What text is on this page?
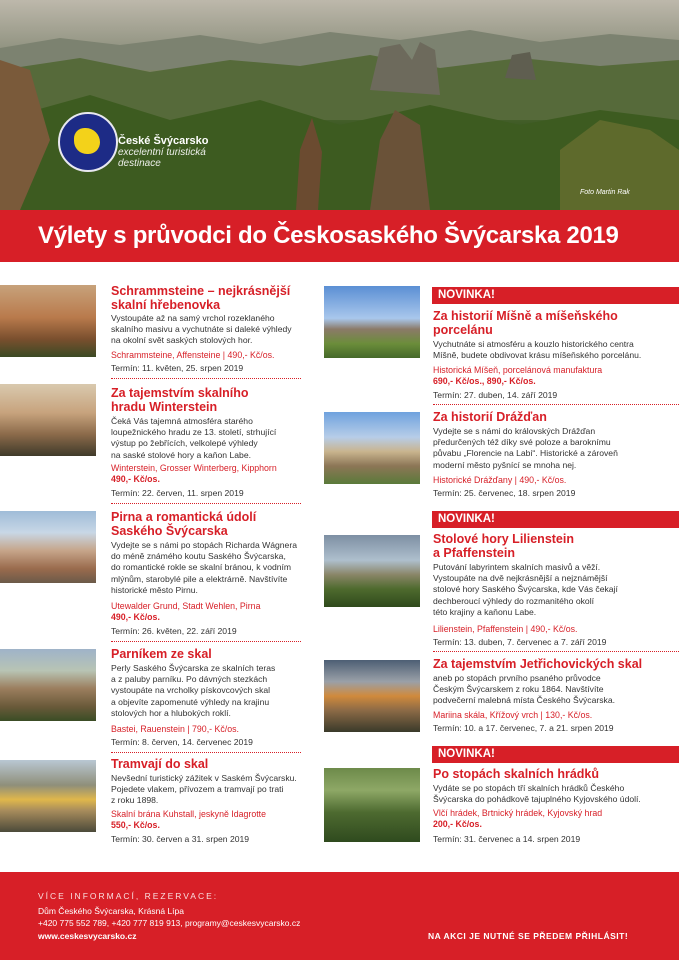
České Švýcarsko
excelentní turistická
destinace
Foto Martin Rak
Výlety s průvodci do Českosaského Švýcarska 2019
Schrammsteine – nejkrásnější
skalní hřebenovka
Vystoupáte až na samý vrchol rozeklaného
skalního masivu a vychutnáte si daleké výhledy
na okolní svět saských stolových hor.
Schrammsteine, Affensteine | 490,- Kč/os.
Termín: 11. květen, 25. srpen 2019
Za tajemstvím skalního
hradu Winterstein
Čeká Vás tajemná atmosféra starého
loupežnického hradu ze 13. století, strhující
výstup po žebřících, velkolepé výhledy
na saské stolové hory a kaňon Labe.
Winterstein, Grosser Winterberg, Kipphorn
490,- Kč/os.
Termín: 22. červen, 11. srpen 2019
Pirna a romantická údolí
Saského Švýcarska
Vydejte se s námi po stopách Richarda Wágnera
do méně známého koutu Saského Švýcarska,
do romantické rokle se skalní bránou, k vodním
mlýnům, starobylé pile a elektrárně. Navštívíte
historické město Pirnu.
Utewalder Grund, Stadt Wehlen, Pirna
490,- Kč/os.
Termín: 26. květen, 22. září 2019
Parníkem ze skal
Perly Saského Švýcarska ze skalních teras
a z paluby parníku. Po dávných stezkách
vystoupáte na vrcholky pískovcových skal
a objevíte zapomenuté výhledy na krajinu
stolových hor a hlubokých roklí.
Bastei, Rauenstein | 790,- Kč/os.
Termín: 8. červen, 14. červenec 2019
Tramvají do skal
Nevšední turistický zážitek v Saském Švýcarsku.
Pojedete vlakem, přívozem a tramvají po trati
z roku 1898.
Skalní brána Kuhstall, jeskyně Idagrotte
550,- Kč/os.
Termín: 30. červen a 31. srpen 2019
NOVINKA!
Za historií Míšně a míšeňského
porcelánu
Vychutnáte si atmosféru a kouzlo historického centra
Míšně, budete obdivovat krásu míšeňského porcelánu.
Historická Míšeň, porcelánová manufaktura
690,- Kč/os., 890,- Kč/os.
Termín: 27. duben, 14. září 2019
Za historií Drážďan
Vydejte se s námi do královských Drážďan
předurčených též díky své poloze a baroknímu
půvabu „Florencie na Labi“. Historické a zároveň
moderní město pyšnící se mnoha nej.
Historické Drážďany | 490,- Kč/os.
Termín: 25. červenec, 18. srpen 2019
NOVINKA!
Stolové hory Lilienstein
a Pfaffenstein
Putování labyrintem skalních masivů a věží.
Vystoupáte na dvě nejkrásnější a nejznámější
stolové hory Saského Švýcarska, kde Vás čekají
dechberoucí výhledy do rozmanitého okolí
této krajiny a kaňonu Labe.
Lilienstein, Pfaffenstein | 490,- Kč/os.
Termín: 13. duben, 7. červenec a 7. září 2019
Za tajemstvím Jetřichovických skal
aneb po stopách prvního psaného průvodce
Českým Švýcarskem z roku 1864. Navštívíte
podvečerní malebná místa Českého Švýcarska.
Mariina skála, Křížový vrch | 130,- Kč/os.
Termín: 10. a 17. červenec, 7. a 21. srpen 2019
NOVINKA!
Po stopách skalních hrádků
Vydáte se po stopách tří skalních hrádků Českého
Švýcarska do pohádkově tajuplného Kyjovského údolí.
Vlčí hrádek, Brtnický hrádek, Kyjovský hrad
200,- Kč/os.
Termín: 31. červenec a 14. srpen 2019
VÍCE INFORMACÍ, REZERVACE:
Dům Českého Švýcarska, Krásná Lípa
+420 775 552 789, +420 777 819 913, programy@ceskesvycarsko.cz
www.ceskesvycarsko.cz	NA AKCI JE NUTNÉ SE PŘEDEM PŘIHLÁSIT!
